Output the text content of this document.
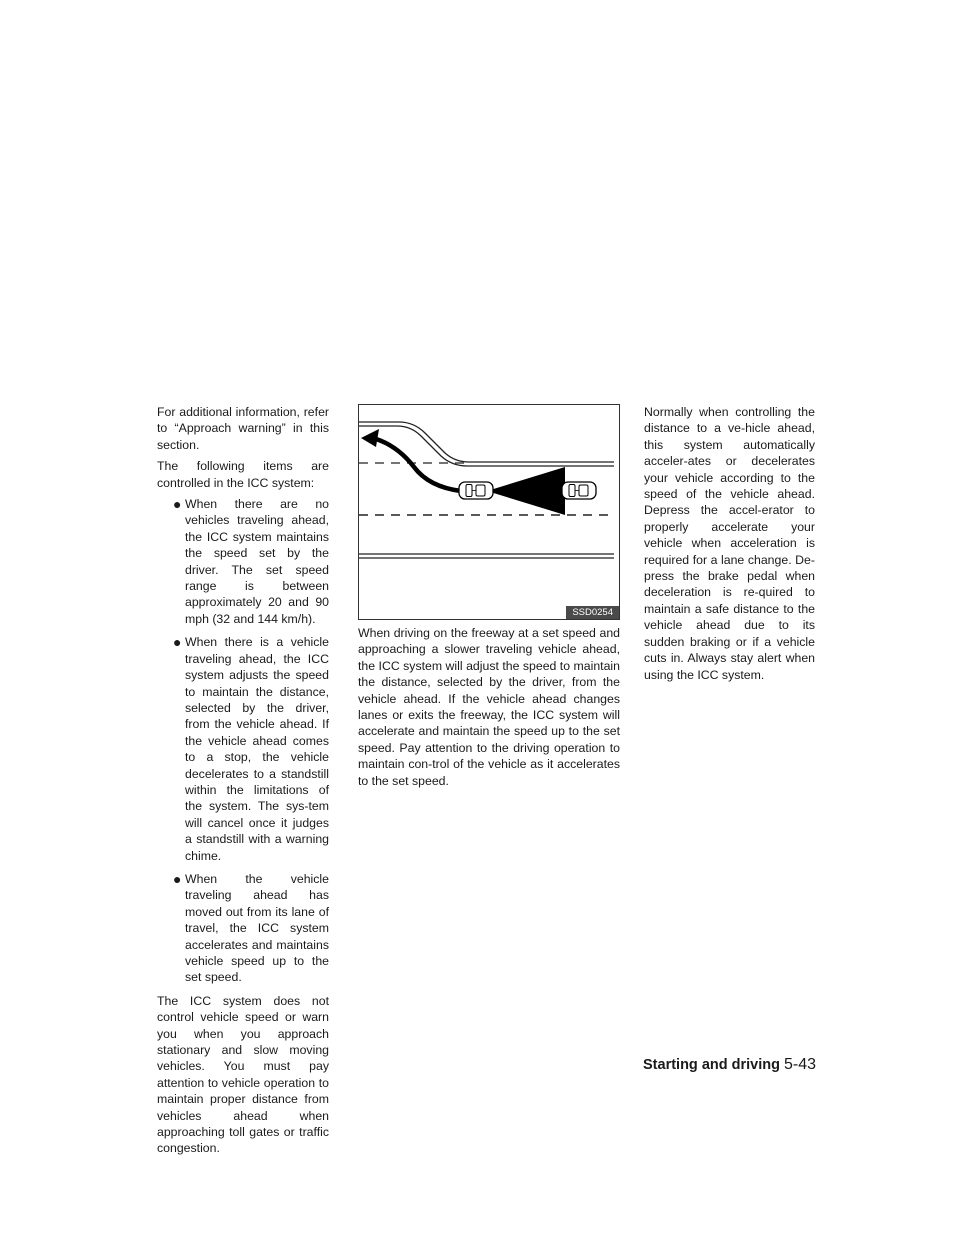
For additional information, refer to “Approach warning” in this section.

The following items are controlled in the ICC system:

● When there are no vehicles traveling ahead, the ICC system maintains the speed set by the driver. The set speed range is between approximately 20 and 90 mph (32 and 144 km/h).
● When there is a vehicle traveling ahead, the ICC system adjusts the speed to maintain the distance, selected by the driver, from the vehicle ahead. If the vehicle ahead comes to a stop, the vehicle decelerates to a standstill within the limitations of the system. The sys-tem will cancel once it judges a standstill with a warning chime.
● When the vehicle traveling ahead has moved out from its lane of travel, the ICC system accelerates and maintains vehicle speed up to the set speed.

The ICC system does not control vehicle speed or warn you when you approach stationary and slow moving vehicles. You must pay attention to vehicle operation to maintain proper distance from vehicles ahead when approaching toll gates or traffic congestion.

SSD0254

When driving on the freeway at a set speed and approaching a slower traveling vehicle ahead, the ICC system will adjust the speed to maintain the distance, selected by the driver, from the vehicle ahead. If the vehicle ahead changes lanes or exits the freeway, the ICC system will accelerate and maintain the speed up to the set speed. Pay attention to the driving operation to maintain con-trol of the vehicle as it accelerates to the set speed.

Normally when controlling the distance to a ve-hicle ahead, this system automatically acceler-ates or decelerates your vehicle according to the speed of the vehicle ahead. Depress the accel-erator to properly accelerate your vehicle when acceleration is required for a lane change. De-press the brake pedal when deceleration is re-quired to maintain a safe distance to the vehicle ahead due to its sudden braking or if a vehicle cuts in. Always stay alert when using the ICC system.

Starting and driving 5-43
